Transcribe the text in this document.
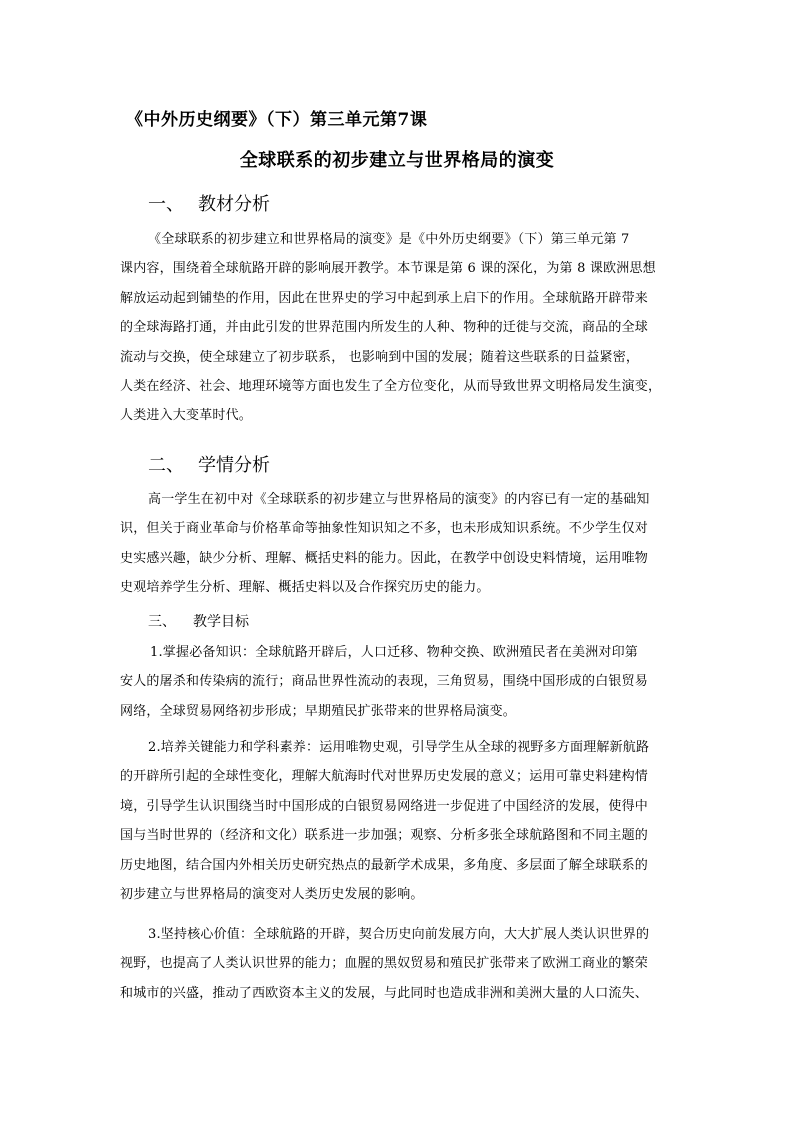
《中外历史纲要》（下）第三单元第7课
全球联系的初步建立与世界格局的演变
一、 教材分析
《全球联系的初步建立和世界格局的演变》是《中外历史纲要》（下）第三单元第 7
课内容，围绕着全球航路开辟的影响展开教学。本节课是第 6 课的深化，为第 8 课欧洲思想
解放运动起到铺垫的作用，因此在世界史的学习中起到承上启下的作用。全球航路开辟带来
的全球海路打通，并由此引发的世界范围内所发生的人种、物种的迁徙与交流，商品的全球
流动与交换，使全球建立了初步联系， 也影响到中国的发展；随着这些联系的日益紧密，
人类在经济、社会、地理环境等方面也发生了全方位变化，从而导致世界文明格局发生演变，
人类进入大变革时代。
二、 学情分析
高一学生在初中对《全球联系的初步建立与世界格局的演变》的内容已有一定的基础知
识，但关于商业革命与价格革命等抽象性知识知之不多，也未形成知识系统。不少学生仅对
史实感兴趣，缺少分析、理解、概括史料的能力。因此，在教学中创设史料情境，运用唯物
史观培养学生分析、理解、概括史料以及合作探究历史的能力。
三、 教学目标
1.掌握必备知识：全球航路开辟后，人口迁移、物种交换、欧洲殖民者在美洲对印第
安人的屠杀和传染病的流行；商品世界性流动的表现，三角贸易，围绕中国形成的白银贸易
网络，全球贸易网络初步形成；早期殖民扩张带来的世界格局演变。
2.培养关键能力和学科素养：运用唯物史观，引导学生从全球的视野多方面理解新航路
的开辟所引起的全球性变化，理解大航海时代对世界历史发展的意义；运用可靠史料建构情
境，引导学生认识围绕当时中国形成的白银贸易网络进一步促进了中国经济的发展，使得中
国与当时世界的（经济和文化）联系进一步加强；观察、分析多张全球航路图和不同主题的
历史地图，结合国内外相关历史研究热点的最新学术成果，多角度、多层面了解全球联系的
初步建立与世界格局的演变对人类历史发展的影响。
3.坚持核心价值：全球航路的开辟，契合历史向前发展方向，大大扩展人类认识世界的
视野，也提高了人类认识世界的能力；血腥的黑奴贸易和殖民扩张带来了欧洲工商业的繁荣
和城市的兴盛，推动了西欧资本主义的发展，与此同时也造成非洲和美洲大量的人口流失、
